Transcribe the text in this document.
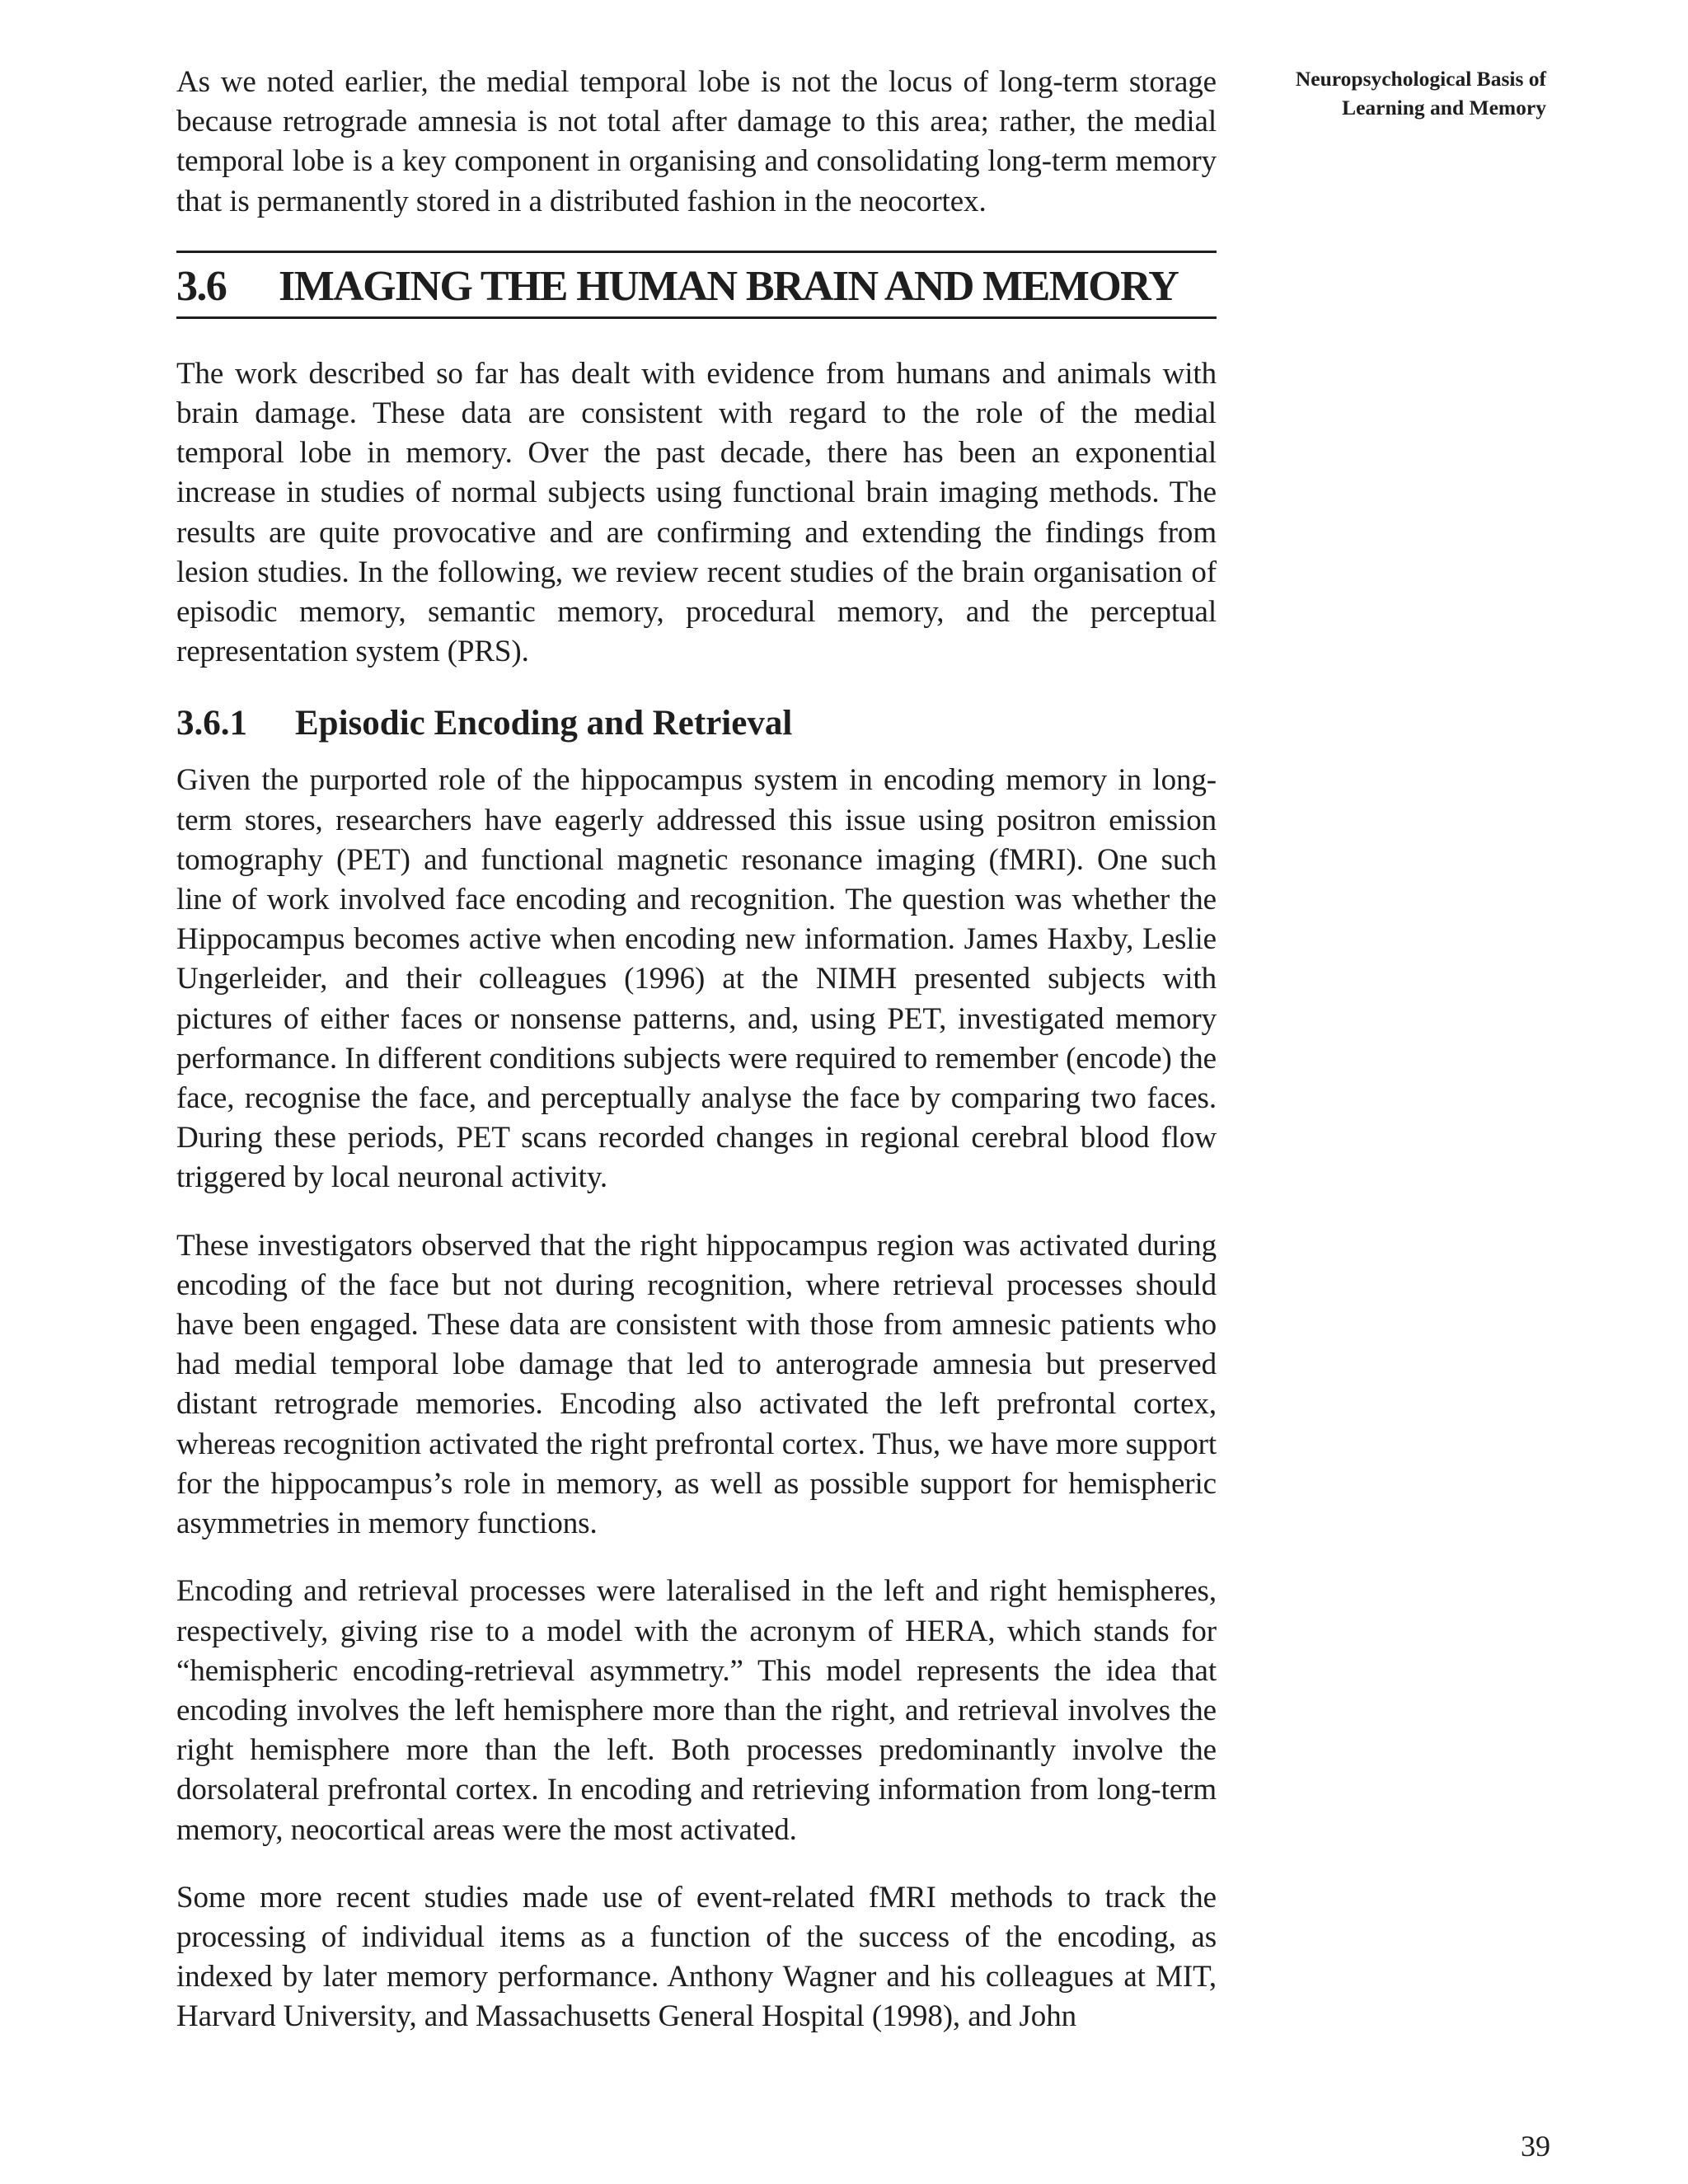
Neuropsychological Basis of
Learning and Memory

As we noted earlier, the medial temporal lobe is not the locus of long-term storage because retrograde amnesia is not total after damage to this area; rather, the medial temporal lobe is a key component in organising and consolidating long-term memory that is permanently stored in a distributed fashion in the neocortex.

3.6 IMAGING THE HUMAN BRAIN AND MEMORY

The work described so far has dealt with evidence from humans and animals with brain damage. These data are consistent with regard to the role of the medial temporal lobe in memory. Over the past decade, there has been an exponential increase in studies of normal subjects using functional brain imaging methods. The results are quite provocative and are confirming and extending the findings from lesion studies. In the following, we review recent studies of the brain organisation of episodic memory, semantic memory, procedural memory, and the perceptual representation system (PRS).

3.6.1 Episodic Encoding and Retrieval

Given the purported role of the hippocampus system in encoding memory in long-term stores, researchers have eagerly addressed this issue using positron emission tomography (PET) and functional magnetic resonance imaging (fMRI). One such line of work involved face encoding and recognition. The question was whether the Hippocampus becomes active when encoding new information. James Haxby, Leslie Ungerleider, and their colleagues (1996) at the NIMH presented subjects with pictures of either faces or nonsense patterns, and, using PET, investigated memory performance. In different conditions subjects were required to remember (encode) the face, recognise the face, and perceptually analyse the face by comparing two faces. During these periods, PET scans recorded changes in regional cerebral blood flow triggered by local neuronal activity.

These investigators observed that the right hippocampus region was activated during encoding of the face but not during recognition, where retrieval processes should have been engaged. These data are consistent with those from amnesic patients who had medial temporal lobe damage that led to anterograde amnesia but preserved distant retrograde memories. Encoding also activated the left prefrontal cortex, whereas recognition activated the right prefrontal cortex. Thus, we have more support for the hippocampus’s role in memory, as well as possible support for hemispheric asymmetries in memory functions.

Encoding and retrieval processes were lateralised in the left and right hemispheres, respectively, giving rise to a model with the acronym of HERA, which stands for “hemispheric encoding-retrieval asymmetry.” This model represents the idea that encoding involves the left hemisphere more than the right, and retrieval involves the right hemisphere more than the left. Both processes predominantly involve the dorsolateral prefrontal cortex. In encoding and retrieving information from long-term memory, neocortical areas were the most activated.

Some more recent studies made use of event-related fMRI methods to track the processing of individual items as a function of the success of the encoding, as indexed by later memory performance. Anthony Wagner and his colleagues at MIT, Harvard University, and Massachusetts General Hospital (1998), and John

39
